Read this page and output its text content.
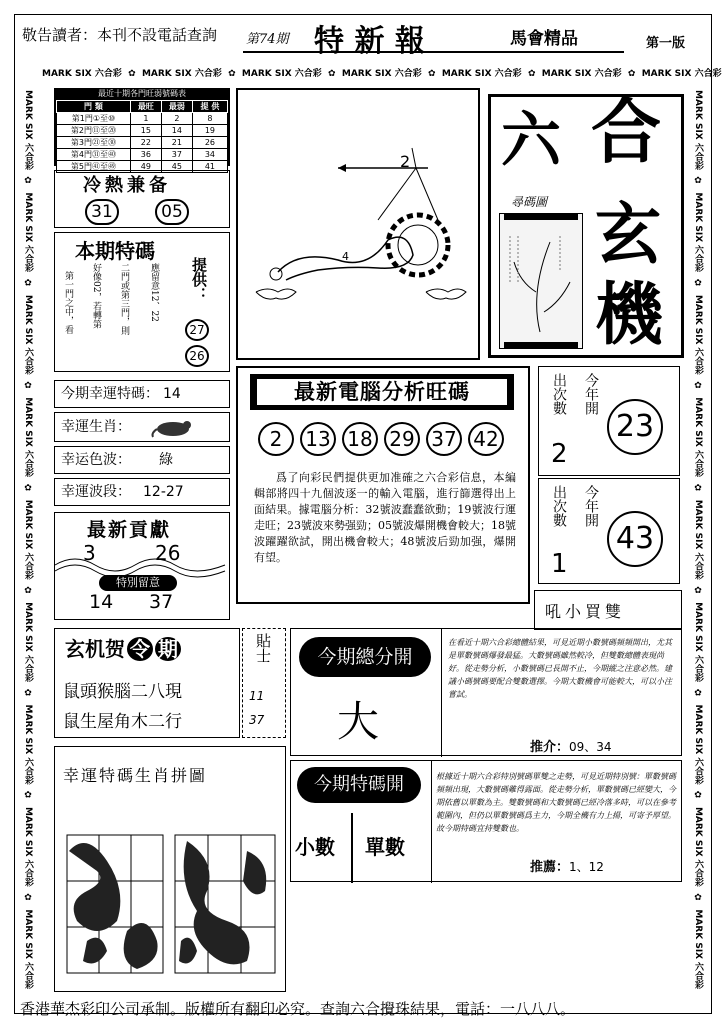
敬告讀者：本刊不設電話查詢 第74期 特 新 報	馬會精品	第一版
MARK SIX 六合彩  ✿  MARK SIX 六合彩  ✿  MARK SIX 六合彩  ✿  MARK SIX 六合彩  ✿  MARK SIX 六合彩  ✿  MARK SIX 六合彩  ✿  MARK SIX 六合彩
MARK SIX 六合彩  ✿  MARK SIX 六合彩  ✿  MARK SIX 六合彩  ✿  MARK SIX 六合彩  ✿  MARK SIX 六合彩  ✿  MARK SIX 六合彩  ✿  MARK SIX 六合彩  ✿  MARK SIX 六合彩  ✿  MARK SIX 六合彩
MARK SIX 六合彩  ✿  MARK SIX 六合彩  ✿  MARK SIX 六合彩  ✿  MARK SIX 六合彩  ✿  MARK SIX 六合彩  ✿  MARK SIX 六合彩  ✿  MARK SIX 六合彩  ✿  MARK SIX 六合彩  ✿  MARK SIX 六合彩
最近十期各門旺弱號碼表
門 類	最旺	最弱	提 供
第1門①至⑩	1	2	8
第2門⑪至⑳	15	14	19
第3門㉑至㉚	22	21	26
第4門㉛至㊵	36	37	34
第5門㊶至㊾	49	45	41
冷熱兼备
31	05
本期特碼
第一門之中，看 好像02，若轉第 二門或第三門，則 應留意12、22 提供：
27
26
今期幸運特碼： 14
幸運生肖：
幸运色波： 綠
幸運波段： 12-27
最新貢獻
3	26
特別留意
14 37
2
4
六 合
玄
機
尋碼圖
最新電腦分析旺碼
2	13 18 29 37 42
爲了向彩民們提供更加准確之六合彩信息，本編輯部將四十九個波逐一的輸入電腦，進行篩選得出上面結果。據電腦分析：32號波蠢蠢欲動；19號波行運走旺；23號波來勢强勁；05號波爆開機會較大；18號波躍躍欲試，開出機會較大；48號波后勁加强，爆開有望。
出次數 今年開
2
23
出次數 今年開
1
43
玄机贺 令 期
鼠頭猴腦二八現
鼠生屋角木二行
貼士
11
37
幸運特碼生肖拼圖
今期總分開
大
吼小買雙
在看近十期六合彩總體結果，可見近期小數號碼頻頻開出，尤其是單數號碼爆發最猛。大數號碼雖然較冷，但雙數總體表現尚好。從走勢分析，小數號碼已長開不止，今期縱之注意必然。建議小碼號碼要配合雙數選擇。今期大數機會可能較大，可以小注嘗試。
推介：09、34
今期特碼開
小數 單數
根據近十期六合彩特別號碼單雙之走勢，可見近期特別號：單數號碼頻頻出現，大數號碼難得露面。從走勢分析，單數號碼已經變大，今期依舊以單數為主。雙數號碼和大數號碼已經冷落多時，可以在參考範圍內，但仍以單數號碼爲主力，今期全機有力上揚，可寄予厚望。故今期特碼宜持雙數也。
推薦：1、12
香港華杰彩印公司承制。版權所有翻印必究。查詢六合攪珠結果，電話：一八八八。
